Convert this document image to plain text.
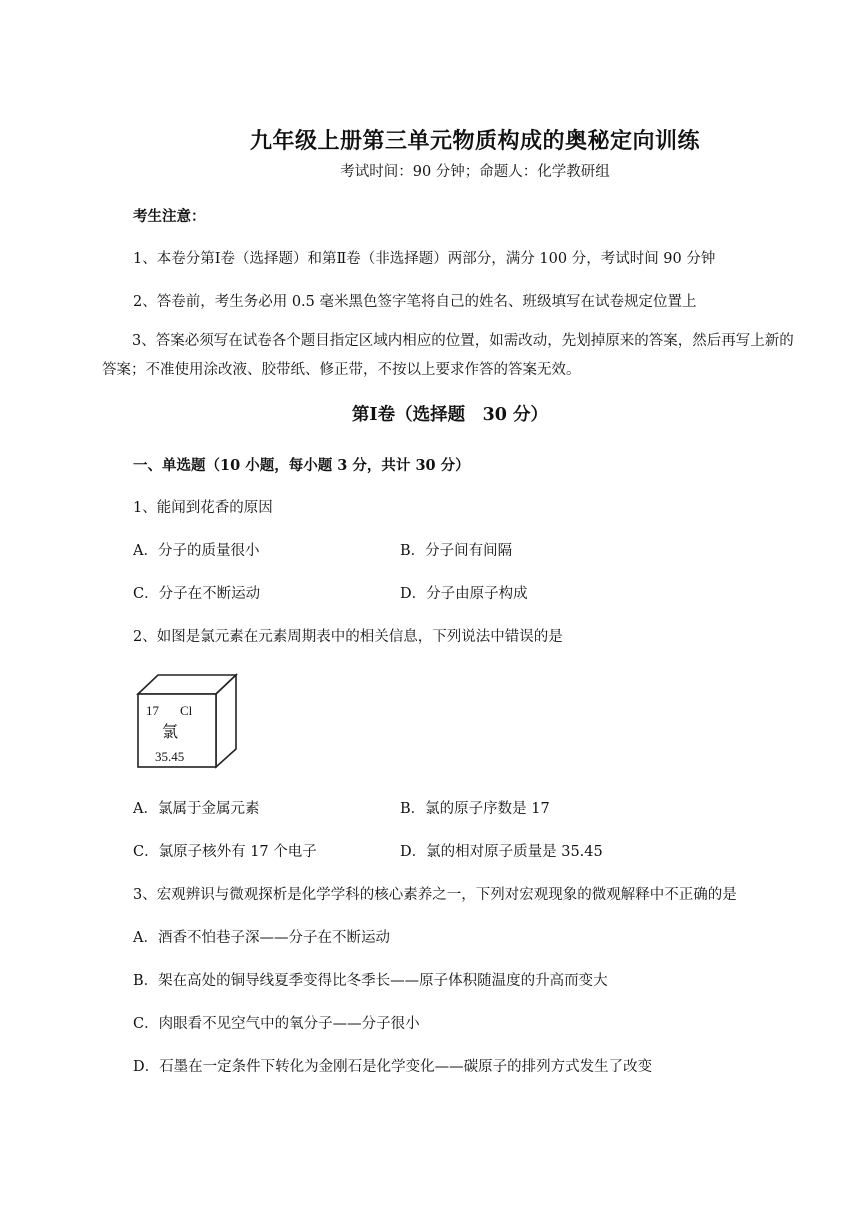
九年级上册第三单元物质构成的奥秘定向训练
考试时间：90 分钟；命题人：化学教研组
考生注意：
1、本卷分第Ⅰ卷（选择题）和第Ⅱ卷（非选择题）两部分，满分 100 分，考试时间 90 分钟
2、答卷前，考生务必用 0.5 毫米黑色签字笔将自己的姓名、班级填写在试卷规定位置上
3、答案必须写在试卷各个题目指定区域内相应的位置，如需改动，先划掉原来的答案，然后再写上新的答案；不准使用涂改液、胶带纸、修正带，不按以上要求作答的答案无效。
第Ⅰ卷（选择题　30 分）
一、单选题（10 小题，每小题 3 分，共计 30 分）
1、能闻到花香的原因
A．分子的质量很小	B．分子间有间隔
C．分子在不断运动	D．分子由原子构成
2、如图是氯元素在元素周期表中的相关信息，下列说法中错误的是
17 Cl
氯
35.45
A．氯属于金属元素	B．氯的原子序数是 17
C．氯原子核外有 17 个电子	D．氯的相对原子质量是 35.45
3、宏观辨识与微观探析是化学学科的核心素养之一，下列对宏观现象的微观解释中不正确的是
A．酒香不怕巷子深——分子在不断运动
B．架在高处的铜导线夏季变得比冬季长——原子体积随温度的升高而变大
C．肉眼看不见空气中的氧分子——分子很小
D．石墨在一定条件下转化为金刚石是化学变化——碳原子的排列方式发生了改变
